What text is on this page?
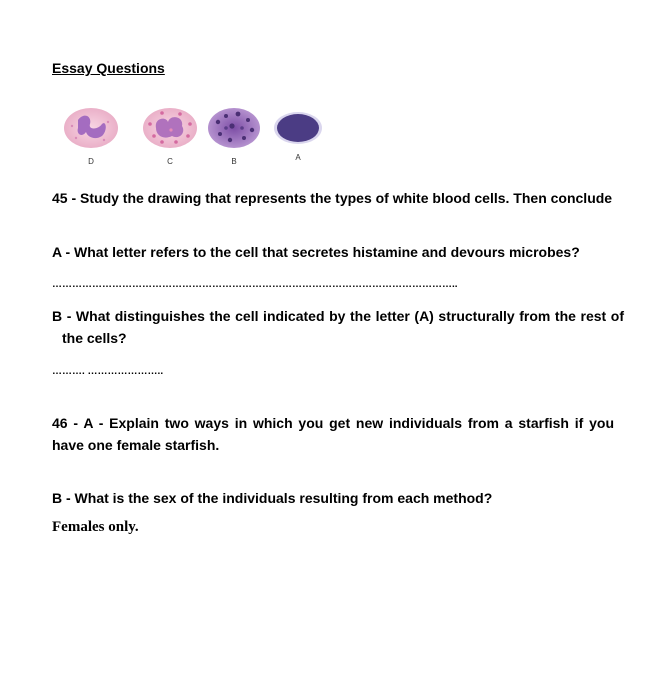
Essay Questions
D	C	B	A
45 - Study the drawing that represents the types of white blood cells. Then conclude
A - What letter refers to the cell that secretes histamine and devours microbes?
…………………………………………………………………………………………………………..
B - What distinguishes the cell indicated by the letter (A) structurally from the rest of the cells?
………. …………………..
46 - A - Explain two ways in which you get new individuals from a starfish if you have one female starfish.
B - What is the sex of the individuals resulting from each method?
Females only.
